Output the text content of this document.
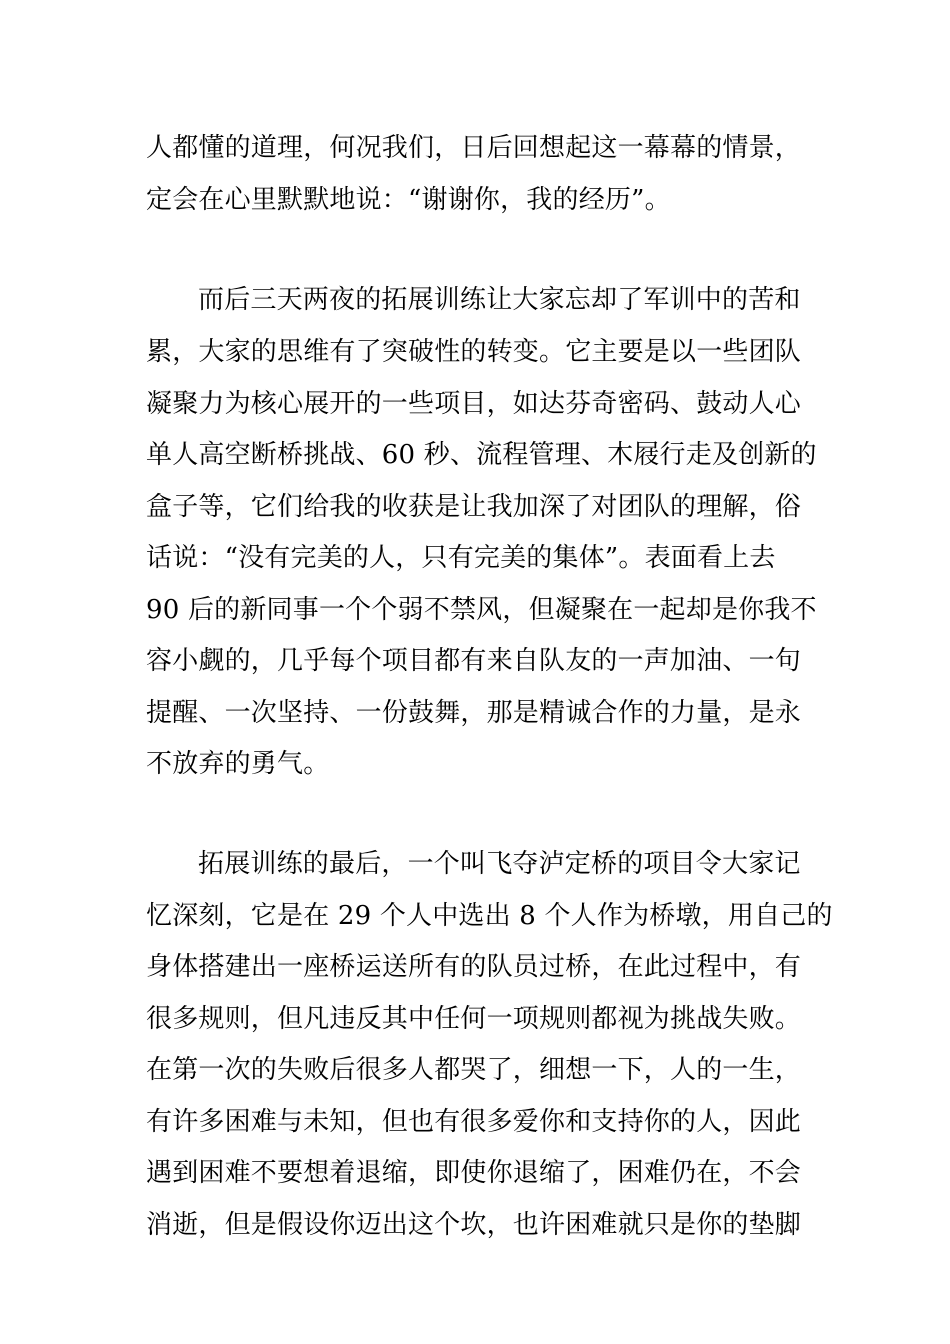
人都懂的道理，何况我们，日后回想起这一幕幕的情景，
定会在心里默默地说：“谢谢你，我的经历”。
而后三天两夜的拓展训练让大家忘却了军训中的苦和
累，大家的思维有了突破性的转变。它主要是以一些团队
凝聚力为核心展开的一些项目，如达芬奇密码、鼓动人心
单人高空断桥挑战、60 秒、流程管理、木屐行走及创新的
盒子等，它们给我的收获是让我加深了对团队的理解，俗
话说：“没有完美的人，只有完美的集体”。表面看上去
90 后的新同事一个个弱不禁风，但凝聚在一起却是你我不
容小觑的，几乎每个项目都有来自队友的一声加油、一句
提醒、一次坚持、一份鼓舞，那是精诚合作的力量，是永
不放弃的勇气。
拓展训练的最后，一个叫飞夺泸定桥的项目令大家记
忆深刻，它是在 29 个人中选出 8 个人作为桥墩，用自己的
身体搭建出一座桥运送所有的队员过桥，在此过程中，有
很多规则，但凡违反其中任何一项规则都视为挑战失败。
在第一次的失败后很多人都哭了，细想一下，人的一生，
有许多困难与未知，但也有很多爱你和支持你的人，因此
遇到困难不要想着退缩，即使你退缩了，困难仍在，不会
消逝，但是假设你迈出这个坎，也许困难就只是你的垫脚
